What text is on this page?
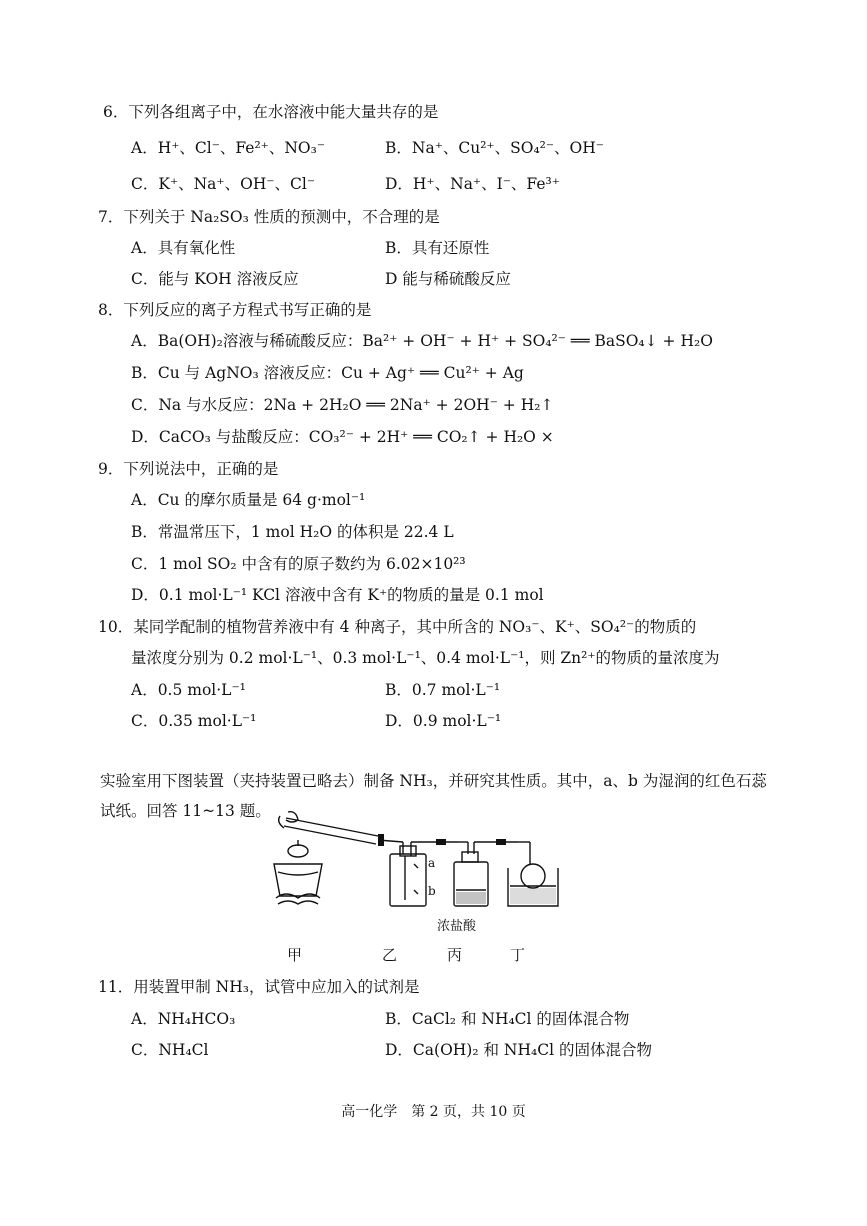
6．下列各组离子中，在水溶液中能大量共存的是
A．H⁺、Cl⁻、Fe²⁺、NO₃⁻	B．Na⁺、Cu²⁺、SO₄²⁻、OH⁻
C．K⁺、Na⁺、OH⁻、Cl⁻	D．H⁺、Na⁺、I⁻、Fe³⁺
7．下列关于 Na₂SO₃ 性质的预测中，不合理的是
A．具有氧化性	B．具有还原性
C．能与 KOH 溶液反应	D 能与稀硫酸反应
8．下列反应的离子方程式书写正确的是
A．Ba(OH)₂溶液与稀硫酸反应：Ba²⁺ + OH⁻ + H⁺ + SO₄²⁻ ══ BaSO₄↓ + H₂O
B．Cu 与 AgNO₃ 溶液反应：Cu + Ag⁺ ══ Cu²⁺ + Ag
C．Na 与水反应：2Na + 2H₂O ══ 2Na⁺ + 2OH⁻ + H₂↑
D．CaCO₃ 与盐酸反应：CO₃²⁻ + 2H⁺ ══ CO₂↑ + H₂O ×
9．下列说法中，正确的是
A．Cu 的摩尔质量是 64 g·mol⁻¹
B．常温常压下，1 mol H₂O 的体积是 22.4 L
C．1 mol SO₂ 中含有的原子数约为 6.02×10²³
D．0.1 mol·L⁻¹ KCl 溶液中含有 K⁺的物质的量是 0.1 mol
10．某同学配制的植物营养液中有 4 种离子，其中所含的 NO₃⁻、K⁺、SO₄²⁻的物质的
量浓度分别为 0.2 mol·L⁻¹、0.3 mol·L⁻¹、0.4 mol·L⁻¹，则 Zn²⁺的物质的量浓度为
A．0.5 mol·L⁻¹	B．0.7 mol·L⁻¹
C．0.35 mol·L⁻¹	D．0.9 mol·L⁻¹
实验室用下图装置（夹持装置已略去）制备 NH₃，并研究其性质。其中，a、b 为湿润的红色石蕊
试纸。回答 11~13 题。
a
b
浓盐酸
甲	乙	丙	丁
11．用装置甲制 NH₃，试管中应加入的试剂是
A．NH₄HCO₃	B．CaCl₂ 和 NH₄Cl 的固体混合物
C．NH₄Cl	D．Ca(OH)₂ 和 NH₄Cl 的固体混合物
高一化学　第 2 页，共 10 页
